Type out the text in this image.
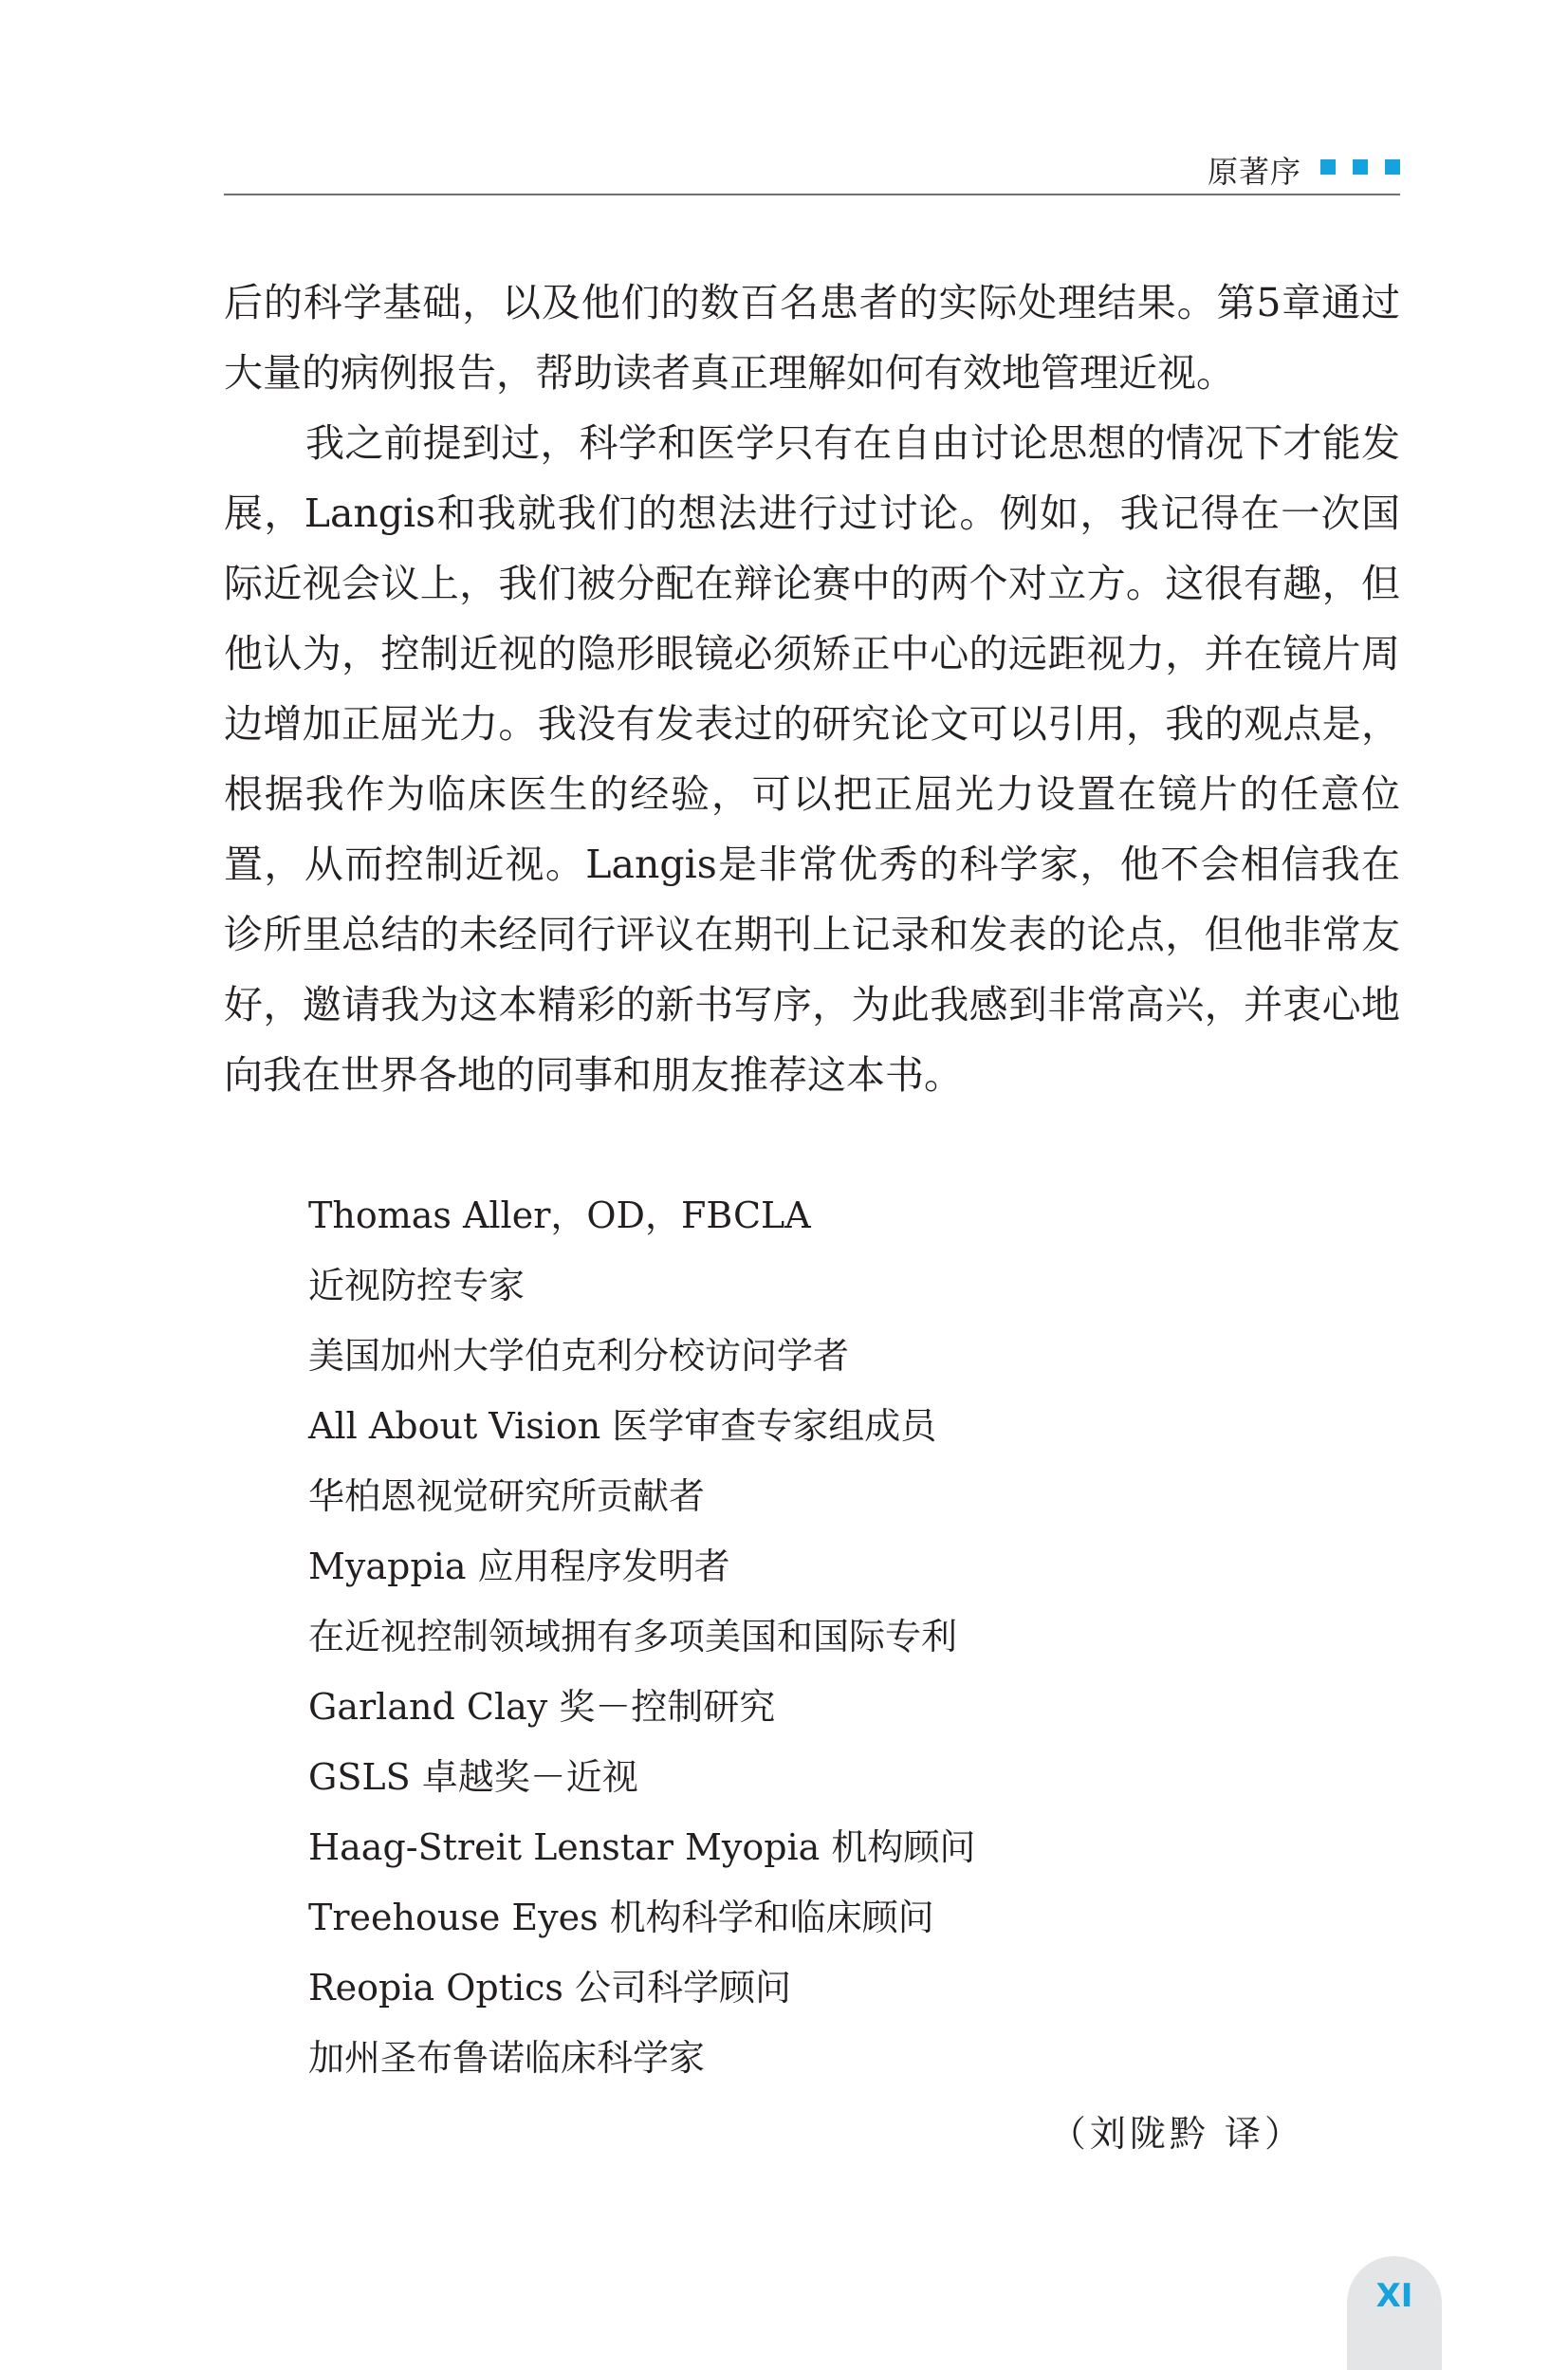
原著序

后的科学基础，以及他们的数百名患者的实际处理结果。第5章通过大量的病例报告，帮助读者真正理解如何有效地管理近视。

我之前提到过，科学和医学只有在自由讨论思想的情况下才能发展，Langis和我就我们的想法进行过讨论。例如，我记得在一次国际近视会议上，我们被分配在辩论赛中的两个对立方。这很有趣，但他认为，控制近视的隐形眼镜必须矫正中心的远距视力，并在镜片周边增加正屈光力。我没有发表过的研究论文可以引用，我的观点是，根据我作为临床医生的经验，可以把正屈光力设置在镜片的任意位置，从而控制近视。Langis是非常优秀的科学家，他不会相信我在诊所里总结的未经同行评议在期刊上记录和发表的论点，但他非常友好，邀请我为这本精彩的新书写序，为此我感到非常高兴，并衷心地向我在世界各地的同事和朋友推荐这本书。

Thomas Aller，OD，FBCLA
近视防控专家
美国加州大学伯克利分校访问学者
All About Vision 医学审查专家组成员
华柏恩视觉研究所贡献者
Myappia 应用程序发明者
在近视控制领域拥有多项美国和国际专利
Garland Clay 奖－控制研究
GSLS 卓越奖－近视
Haag-Streit Lenstar Myopia 机构顾问
Treehouse Eyes 机构科学和临床顾问
Reopia Optics 公司科学顾问
加州圣布鲁诺临床科学家
（刘陇黔 译）
XI
